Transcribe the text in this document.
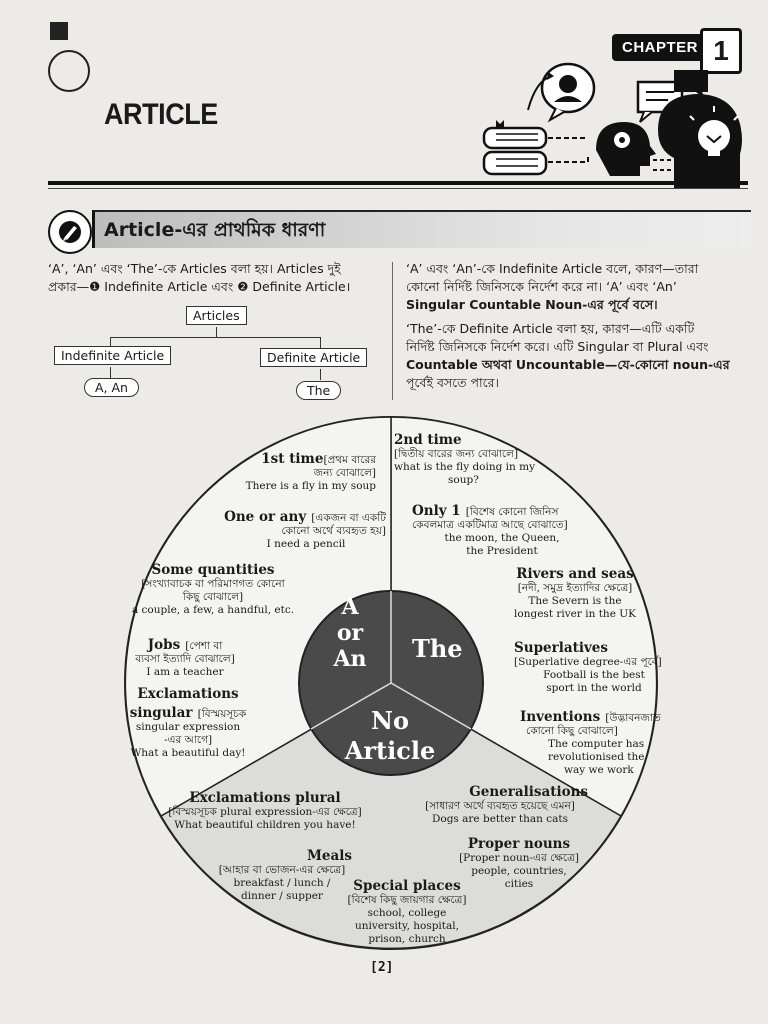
ARTICLE
CHAPTER 1
Article-এর প্রাথমিক ধারণা
‘A’, ‘An’ এবং ‘The’-কে Articles বলা হয়। Articles দুই
প্রকার—❶ Indefinite Article এবং ❷ Definite Article।
Articles
Indefinite Article	Definite Article
A, An	The
‘A’ এবং ‘An’-কে Indefinite Article বলে, কারণ—তারা
কোনো নির্দিষ্ট জিনিসকে নির্দেশ করে না। ‘A’ এবং ‘An’
Singular Countable Noun-এর পূর্বে বসে।
‘The’-কে Definite Article বলা হয়, কারণ—এটি একটি
নির্দিষ্ট জিনিসকে নির্দেশ করে। এটি Singular বা Plural এবং
Countable অথবা Uncountable—যে-কোনো noun-এর
পূর্বেই বসতে পারে।
A
or
An The
No
Article
1st time[প্রথম বারের
জন্য বোঝালে]
There is a fly in my soup
One or any [একজন বা একটি
কোনো অর্থে ব্যবহৃত হয়]
I need a pencil
Some quantities
[সংখ্যাবাচক বা পরিমাণগত কোনো
কিছু বোঝালে]
a couple, a few, a handful, etc.
Jobs [পেশা বা
ব্যবসা ইত্যাদি বোঝালে]
I am a teacher
Exclamations
singular [বিস্ময়সূচক
singular expression
-এর আগে]
What a beautiful day!
2nd time
[দ্বিতীয় বারের জন্য বোঝালে]
what is the fly doing in my
soup?
Only 1 [বিশেষ কোনো জিনিস
কেবলমাত্র একটিমাত্র আছে বোঝাতে]
the moon, the Queen,
the President
Rivers and seas
[নদী, সমুদ্র ইত্যাদির ক্ষেত্রে]
The Severn is the
longest river in the UK
Superlatives
[Superlative degree-এর পূর্বে]
Football is the best
sport in the world
Inventions [উদ্ভাবনজাত
কোনো কিছু বোঝালে]
The computer has
revolutionised the
way we work
Exclamations plural
[বিস্ময়সূচক plural expression-এর ক্ষেত্রে]
What beautiful children you have!
Meals
[আহার বা ভোজন-এর ক্ষেত্রে]
breakfast / lunch /
dinner / supper
Special places
[বিশেষ কিছু জায়গার ক্ষেত্রে]
school, college
university, hospital,
prison, church
Proper nouns
[Proper noun-এর ক্ষেত্রে]
people, countries,
cities
Generalisations
[সাধারণ অর্থে ব্যবহৃত হয়েছে এমন]
Dogs are better than cats
[2]
